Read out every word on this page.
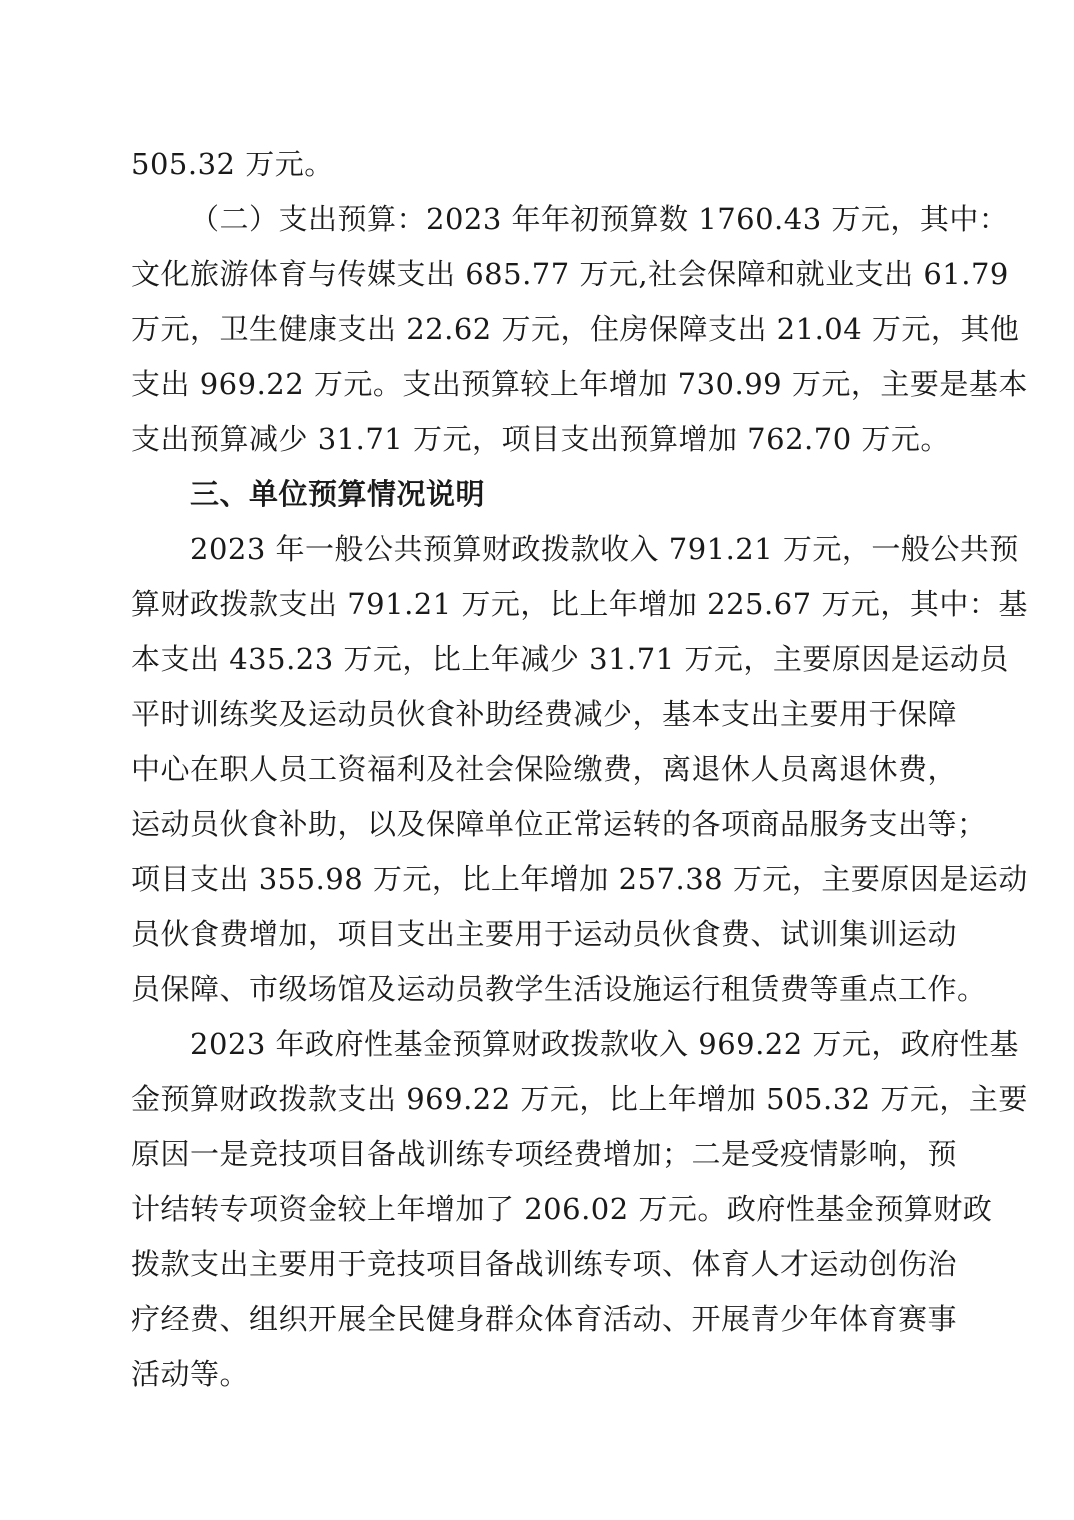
505.32 万元。
（二）支出预算：2023 年年初预算数 1760.43 万元，其中：
文化旅游体育与传媒支出 685.77 万元,社会保障和就业支出 61.79
万元，卫生健康支出 22.62 万元，住房保障支出 21.04 万元，其他
支出 969.22 万元。支出预算较上年增加 730.99 万元，主要是基本
支出预算减少 31.71 万元，项目支出预算增加 762.70 万元。
三、单位预算情况说明
2023 年一般公共预算财政拨款收入 791.21 万元，一般公共预
算财政拨款支出 791.21 万元，比上年增加 225.67 万元，其中：基
本支出 435.23 万元，比上年减少 31.71 万元，主要原因是运动员
平时训练奖及运动员伙食补助经费减少，基本支出主要用于保障
中心在职人员工资福利及社会保险缴费，离退休人员离退休费，
运动员伙食补助，以及保障单位正常运转的各项商品服务支出等；
项目支出 355.98 万元，比上年增加 257.38 万元，主要原因是运动
员伙食费增加，项目支出主要用于运动员伙食费、试训集训运动
员保障、市级场馆及运动员教学生活设施运行租赁费等重点工作。
2023 年政府性基金预算财政拨款收入 969.22 万元，政府性基
金预算财政拨款支出 969.22 万元，比上年增加 505.32 万元，主要
原因一是竞技项目备战训练专项经费增加；二是受疫情影响，预
计结转专项资金较上年增加了 206.02 万元。政府性基金预算财政
拨款支出主要用于竞技项目备战训练专项、体育人才运动创伤治
疗经费、组织开展全民健身群众体育活动、开展青少年体育赛事
活动等。
